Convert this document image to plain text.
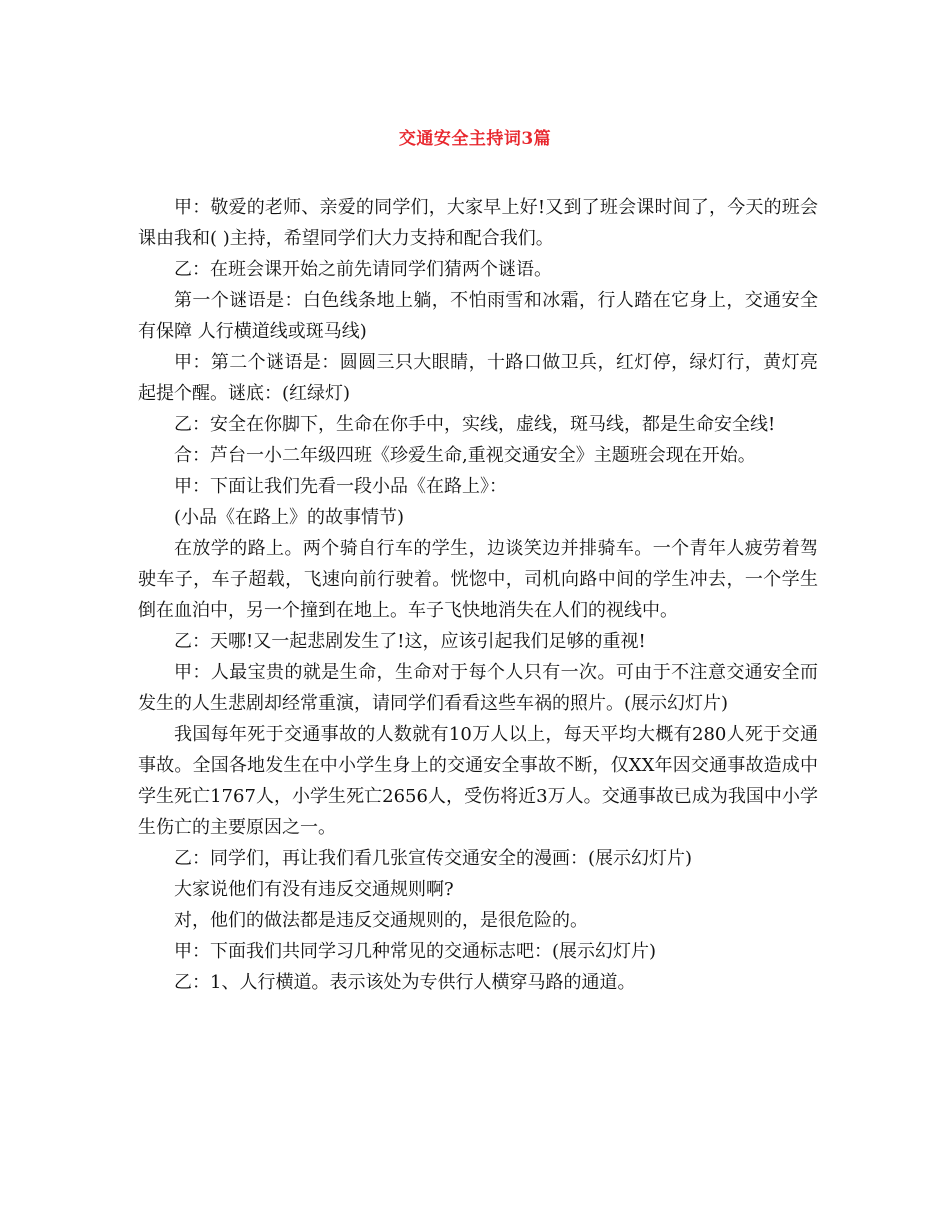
交通安全主持词3篇

甲：敬爱的老师、亲爱的同学们，大家早上好!又到了班会课时间了，今天的班会课由我和( )主持，希望同学们大力支持和配合我们。

乙：在班会课开始之前先请同学们猜两个谜语。

第一个谜语是：白色线条地上躺，不怕雨雪和冰霜，行人踏在它身上，交通安全有保障 人行横道线或斑马线)

甲：第二个谜语是：圆圆三只大眼睛，十路口做卫兵，红灯停，绿灯行，黄灯亮起提个醒。谜底：(红绿灯)

乙：安全在你脚下，生命在你手中，实线，虚线，斑马线，都是生命安全线!

合：芦台一小二年级四班《珍爱生命,重视交通安全》主题班会现在开始。

甲：下面让我们先看一段小品《在路上》：

(小品《在路上》的故事情节)

在放学的路上。两个骑自行车的学生，边谈笑边并排骑车。一个青年人疲劳着驾驶车子，车子超载，飞速向前行驶着。恍惚中，司机向路中间的学生冲去，一个学生倒在血泊中，另一个撞到在地上。车子飞快地消失在人们的视线中。

乙：天哪!又一起悲剧发生了!这，应该引起我们足够的重视!

甲：人最宝贵的就是生命，生命对于每个人只有一次。可由于不注意交通安全而发生的人生悲剧却经常重演，请同学们看看这些车祸的照片。(展示幻灯片)

我国每年死于交通事故的人数就有10万人以上，每天平均大概有280人死于交通事故。全国各地发生在中小学生身上的交通安全事故不断，仅XX年因交通事故造成中学生死亡1767人，小学生死亡2656人，受伤将近3万人。交通事故已成为我国中小学生伤亡的主要原因之一。

乙：同学们，再让我们看几张宣传交通安全的漫画：(展示幻灯片)

大家说他们有没有违反交通规则啊?

对，他们的做法都是违反交通规则的，是很危险的。

甲：下面我们共同学习几种常见的交通标志吧：(展示幻灯片)

乙：1、人行横道。表示该处为专供行人横穿马路的通道。
